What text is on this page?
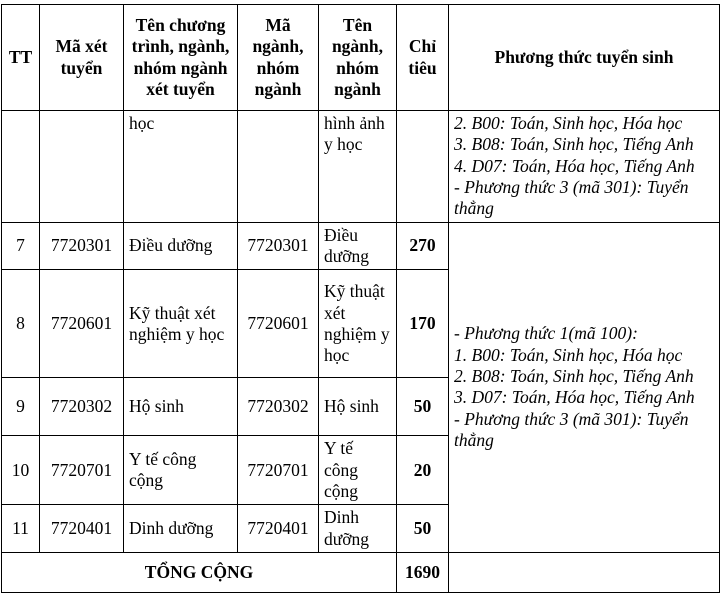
TT	Mã xét tuyển	Tên chương trình, ngành, nhóm ngành xét tuyển	Mã ngành, nhóm ngành	Tên ngành, nhóm ngành	Chỉ tiêu	Phương thức tuyển sinh
		học		hình ảnh y học		2. B00: Toán, Sinh học, Hóa học
3. B08: Toán, Sinh học, Tiếng Anh
4. D07: Toán, Hóa học, Tiếng Anh
- Phương thức 3 (mã 301): Tuyển thẳng

7	7720301	Điều dưỡng	7720301	Điều dưỡng	270	- Phương thức 1(mã 100):
1. B00: Toán, Sinh học, Hóa học
2. B08: Toán, Sinh học, Tiếng Anh
3. D07: Toán, Hóa học, Tiếng Anh
- Phương thức 3 (mã 301): Tuyển thẳng

8	7720601	Kỹ thuật xét nghiệm y học	7720601	Kỹ thuật xét nghiệm y học	170	
9	7720302	Hộ sinh	7720302	Hộ sinh	50	
10	7720701	Y tế công cộng	7720701	Y tế công cộng	20	
11	7720401	Dinh dưỡng	7720401	Dinh dưỡng	50	
TỔNG CỘNG					1690	
